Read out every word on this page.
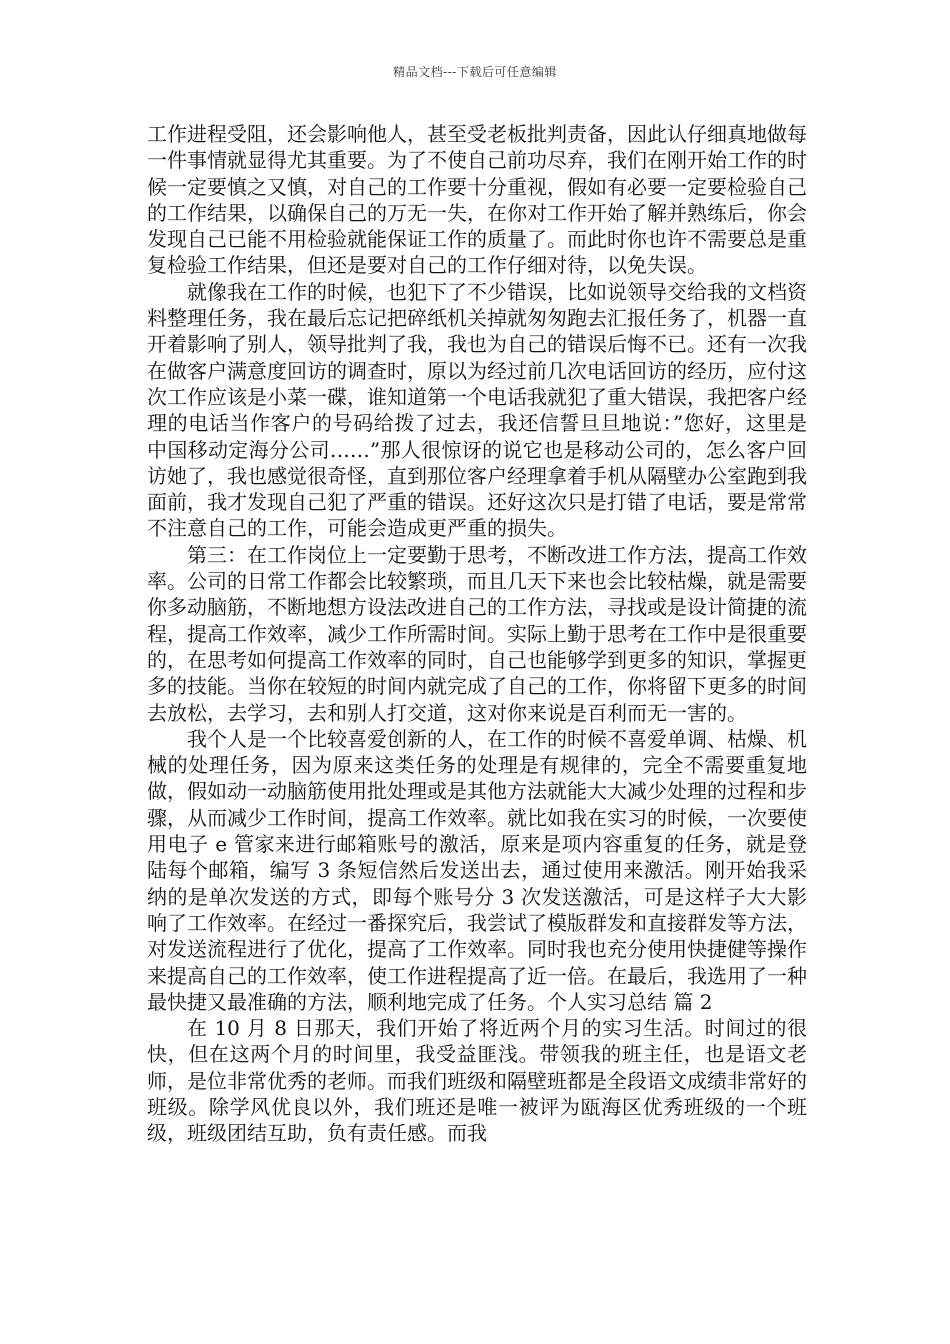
精品文档---下载后可任意编辑

工作进程受阻，还会影响他人，甚至受老板批判责备，因此认仔细真地做每一件事情就显得尤其重要。为了不使自己前功尽弃，我们在刚开始工作的时候一定要慎之又慎，对自己的工作要十分重视，假如有必要一定要检验自己的工作结果，以确保自己的万无一失，在你对工作开始了解并熟练后，你会发现自己已能不用检验就能保证工作的质量了。而此时你也许不需要总是重复检验工作结果，但还是要对自己的工作仔细对待，以免失误。

就像我在工作的时候，也犯下了不少错误，比如说领导交给我的文档资料整理任务，我在最后忘记把碎纸机关掉就匆匆跑去汇报任务了，机器一直开着影响了别人，领导批判了我，我也为自己的错误后悔不已。还有一次我在做客户满意度回访的调查时，原以为经过前几次电话回访的经历，应付这次工作应该是小菜一碟，谁知道第一个电话我就犯了重大错误，我把客户经理的电话当作客户的号码给拨了过去，我还信誓旦旦地说：”您好，这里是中国移动定海分公司……”那人很惊讶的说它也是移动公司的，怎么客户回访她了，我也感觉很奇怪，直到那位客户经理拿着手机从隔壁办公室跑到我面前，我才发现自己犯了严重的错误。还好这次只是打错了电话，要是常常不注意自己的工作，可能会造成更严重的损失。

第三：在工作岗位上一定要勤于思考，不断改进工作方法，提高工作效率。公司的日常工作都会比较繁琐，而且几天下来也会比较枯燥，就是需要你多动脑筋，不断地想方设法改进自己的工作方法，寻找或是设计简捷的流程，提高工作效率，减少工作所需时间。实际上勤于思考在工作中是很重要的，在思考如何提高工作效率的同时，自己也能够学到更多的知识，掌握更多的技能。当你在较短的时间内就完成了自己的工作，你将留下更多的时间去放松，去学习，去和别人打交道，这对你来说是百利而无一害的。

我个人是一个比较喜爱创新的人，在工作的时候不喜爱单调、枯燥、机械的处理任务，因为原来这类任务的处理是有规律的，完全不需要重复地做，假如动一动脑筋使用批处理或是其他方法就能大大减少处理的过程和步骤，从而减少工作时间，提高工作效率。就比如我在实习的时候，一次要使用电子 e 管家来进行邮箱账号的激活，原来是项内容重复的任务，就是登陆每个邮箱，编写 3 条短信然后发送出去，通过使用来激活。刚开始我采纳的是单次发送的方式，即每个账号分 3 次发送激活，可是这样子大大影响了工作效率。在经过一番探究后，我尝试了模版群发和直接群发等方法，对发送流程进行了优化，提高了工作效率。同时我也充分使用快捷健等操作来提高自己的工作效率，使工作进程提高了近一倍。在最后，我选用了一种最快捷又最准确的方法，顺利地完成了任务。个人实习总结 篇 2

在 10 月 8 日那天，我们开始了将近两个月的实习生活。时间过的很快，但在这两个月的时间里，我受益匪浅。带领我的班主任，也是语文老师，是位非常优秀的老师。而我们班级和隔壁班都是全段语文成绩非常好的班级。除学风优良以外，我们班还是唯一被评为瓯海区优秀班级的一个班级，班级团结互助，负有责任感。而我
